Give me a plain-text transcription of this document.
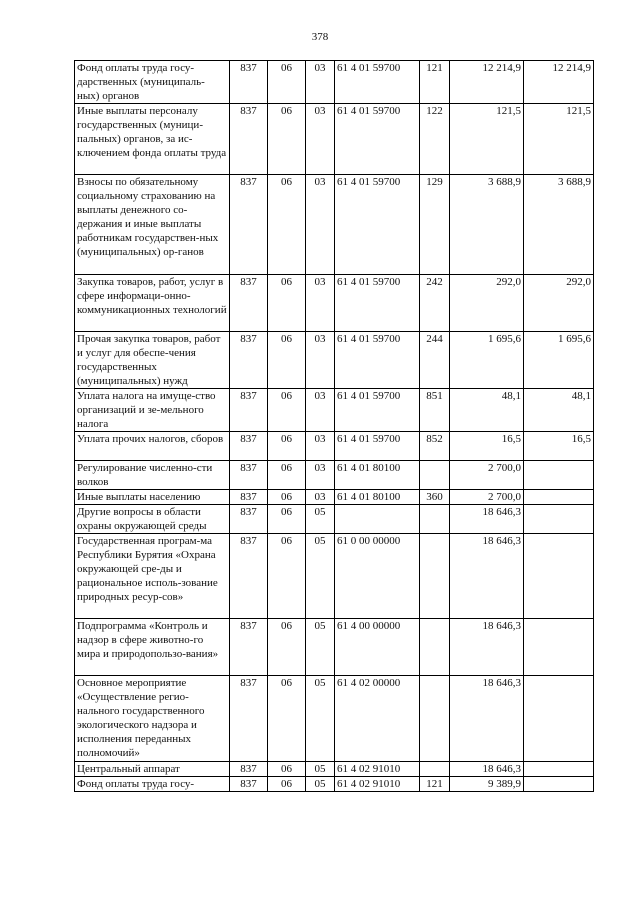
378
Фонд оплаты труда госу-дарственных (муниципаль-ных) органов	837	06	03	61 4 01 59700	121	12 214,9	12 214,9
Иные выплаты персоналу государственных (муници-пальных) органов, за ис-ключением фонда оплаты труда	837	06	03	61 4 01 59700	122	121,5	121,5
Взносы по обязательному социальному страхованию на выплаты денежного со-держания и иные выплаты работникам государствен-ных (муниципальных) ор-ганов	837	06	03	61 4 01 59700	129	3 688,9	3 688,9
Закупка товаров, работ, услуг в сфере информаци-онно-коммуникационных технологий	837	06	03	61 4 01 59700	242	292,0	292,0
Прочая закупка товаров, работ и услуг для обеспе-чения государственных (муниципальных) нужд	837	06	03	61 4 01 59700	244	1 695,6	1 695,6
Уплата налога на имуще-ство организаций и зе-мельного налога	837	06	03	61 4 01 59700	851	48,1	48,1
Уплата прочих налогов, сборов	837	06	03	61 4 01 59700	852	16,5	16,5
Регулирование численно-сти волков	837	06	03	61 4 01 80100		2 700,0	
Иные выплаты населению	837	06	03	61 4 01 80100	360	2 700,0	
Другие вопросы в области охраны окружающей среды	837	06	05			18 646,3	
Государственная програм-ма Республики Бурятия «Охрана окружающей сре-ды и рациональное исполь-зование природных ресур-сов»	837	06	05	61 0 00 00000		18 646,3	
Подпрограмма «Контроль и надзор в сфере животно-го мира и природопользо-вания»	837	06	05	61 4 00 00000		18 646,3	
Основное мероприятие «Осуществление регио-нального государственного экологического надзора и исполнения переданных полномочий»	837	06	05	61 4 02 00000		18 646,3	
Центральный аппарат	837	06	05	61 4 02 91010		18 646,3	
Фонд оплаты труда госу-	837	06	05	61 4 02 91010	121	9 389,9	
